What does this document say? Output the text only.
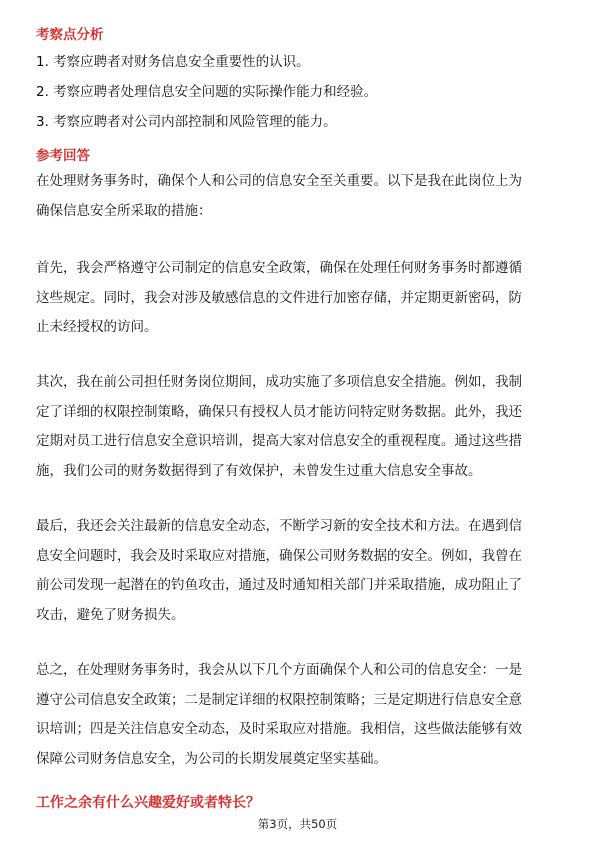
考察点分析
1. 考察应聘者对财务信息安全重要性的认识。
2. 考察应聘者处理信息安全问题的实际操作能力和经验。
3. 考察应聘者对公司内部控制和风险管理的能力。
参考回答
在处理财务事务时，确保个人和公司的信息安全至关重要。以下是我在此岗位上为
确保信息安全所采取的措施：
首先，我会严格遵守公司制定的信息安全政策，确保在处理任何财务事务时都遵循
这些规定。同时，我会对涉及敏感信息的文件进行加密存储，并定期更新密码，防
止未经授权的访问。
其次，我在前公司担任财务岗位期间，成功实施了多项信息安全措施。例如，我制
定了详细的权限控制策略，确保只有授权人员才能访问特定财务数据。此外，我还
定期对员工进行信息安全意识培训，提高大家对信息安全的重视程度。通过这些措
施，我们公司的财务数据得到了有效保护，未曾发生过重大信息安全事故。
最后，我还会关注最新的信息安全动态，不断学习新的安全技术和方法。在遇到信
息安全问题时，我会及时采取应对措施，确保公司财务数据的安全。例如，我曾在
前公司发现一起潜在的钓鱼攻击，通过及时通知相关部门并采取措施，成功阻止了
攻击，避免了财务损失。
总之，在处理财务事务时，我会从以下几个方面确保个人和公司的信息安全：一是
遵守公司信息安全政策；二是制定详细的权限控制策略；三是定期进行信息安全意
识培训；四是关注信息安全动态，及时采取应对措施。我相信，这些做法能够有效
保障公司财务信息安全，为公司的长期发展奠定坚实基础。
工作之余有什么兴趣爱好或者特长？
第3页，共50页
